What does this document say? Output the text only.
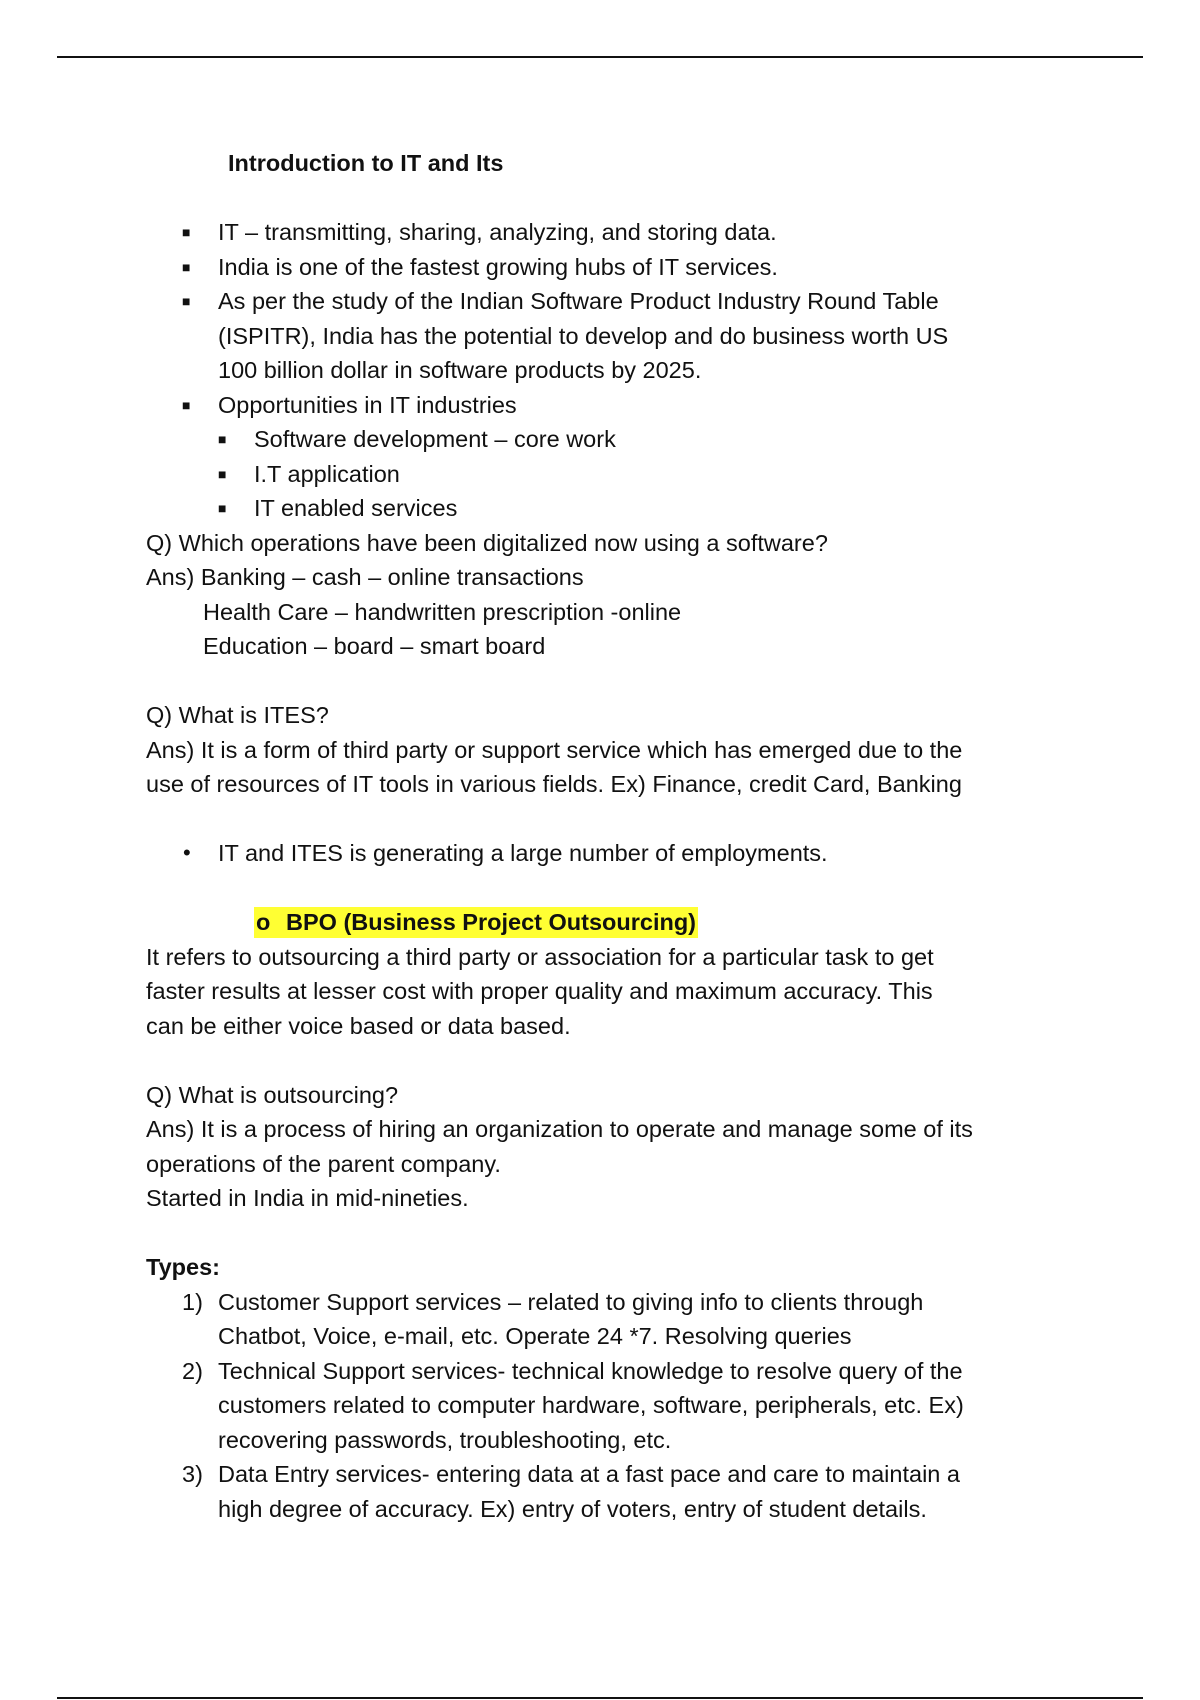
Introduction to IT and Its
■	IT – transmitting, sharing, analyzing, and storing data.
■	India is one of the fastest growing hubs of IT services.
■	As per the study of the Indian Software Product Industry Round Table
(ISPITR), India has the potential to develop and do business worth US
100 billion dollar in software products by 2025.
■	Opportunities in IT industries
■ Software development – core work
■ I.T application
■ IT enabled services
Q) Which operations have been digitalized now using a software?
Ans) Banking – cash – online transactions
Health Care – handwritten prescription -online
Education – board – smart board
Q) What is ITES?
Ans) It is a form of third party or support service which has emerged due to the
use of resources of IT tools in various fields. Ex) Finance, credit Card, Banking
• IT and ITES is generating a large number of employments.
o BPO (Business Project Outsourcing)
It refers to outsourcing a third party or association for a particular task to get
faster results at lesser cost with proper quality and maximum accuracy. This
can be either voice based or data based.
Q) What is outsourcing?
Ans) It is a process of hiring an organization to operate and manage some of its
operations of the parent company.
Started in India in mid-nineties.
Types:
1) Customer Support services – related to giving info to clients through
Chatbot, Voice, e-mail, etc. Operate 24 *7. Resolving queries
2) Technical Support services- technical knowledge to resolve query of the
customers related to computer hardware, software, peripherals, etc. Ex)
recovering passwords, troubleshooting, etc.
3) Data Entry services- entering data at a fast pace and care to maintain a
high degree of accuracy. Ex) entry of voters, entry of student details.
